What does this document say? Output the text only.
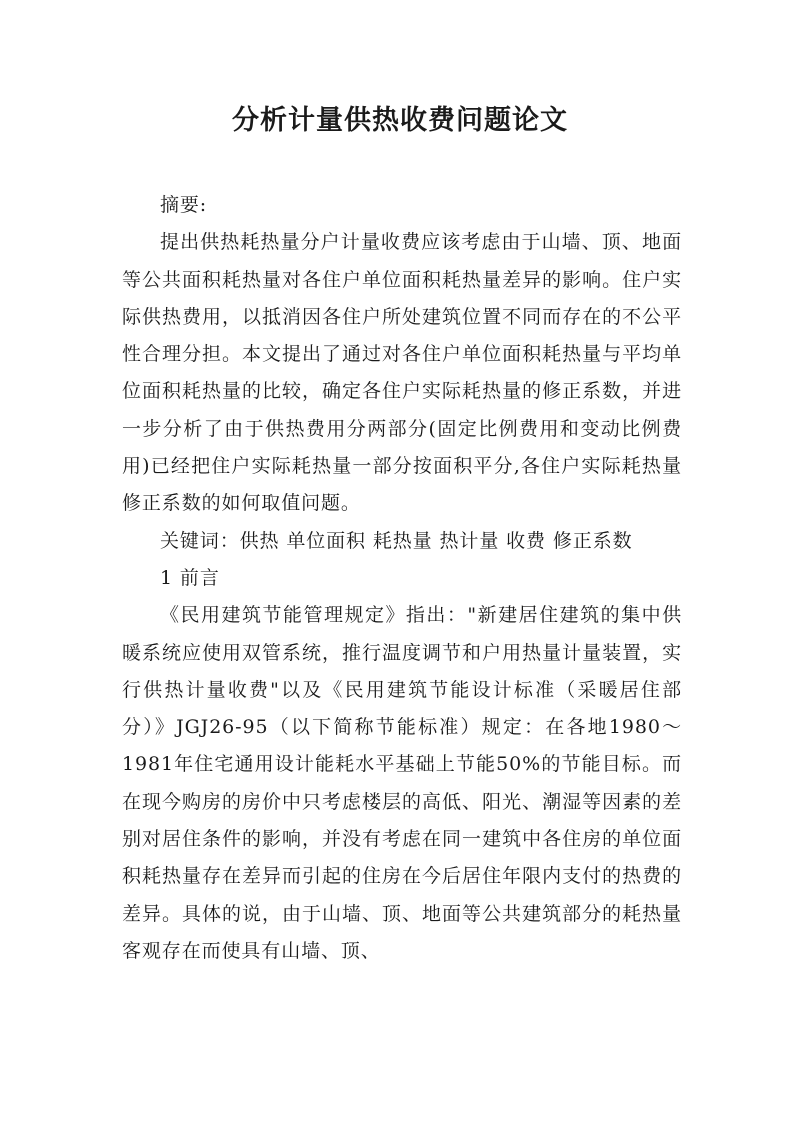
分析计量供热收费问题论文

摘要:

提出供热耗热量分户计量收费应该考虑由于山墙、顶、地面等公共面积耗热量对各住户单位面积耗热量差异的影响。住户实际供热费用，以抵消因各住户所处建筑位置不同而存在的不公平性合理分担。本文提出了通过对各住户单位面积耗热量与平均单位面积耗热量的比较，确定各住户实际耗热量的修正系数，并进一步分析了由于供热费用分两部分(固定比例费用和变动比例费用)已经把住户实际耗热量一部分按面积平分,各住户实际耗热量修正系数的如何取值问题。

关键词：供热 单位面积 耗热量 热计量 收费 修正系数

1 前言

《民用建筑节能管理规定》指出："新建居住建筑的集中供暖系统应使用双管系统，推行温度调节和户用热量计量装置，实行供热计量收费"以及《民用建筑节能设计标准（采暖居住部分）》JGJ26-95（以下简称节能标准）规定：在各地1980～1981年住宅通用设计能耗水平基础上节能50%的节能目标。而在现今购房的房价中只考虑楼层的高低、阳光、潮湿等因素的差别对居住条件的影响，并没有考虑在同一建筑中各住房的单位面积耗热量存在差异而引起的住房在今后居住年限内支付的热费的差异。具体的说，由于山墙、顶、地面等公共建筑部分的耗热量客观存在而使具有山墙、顶、
